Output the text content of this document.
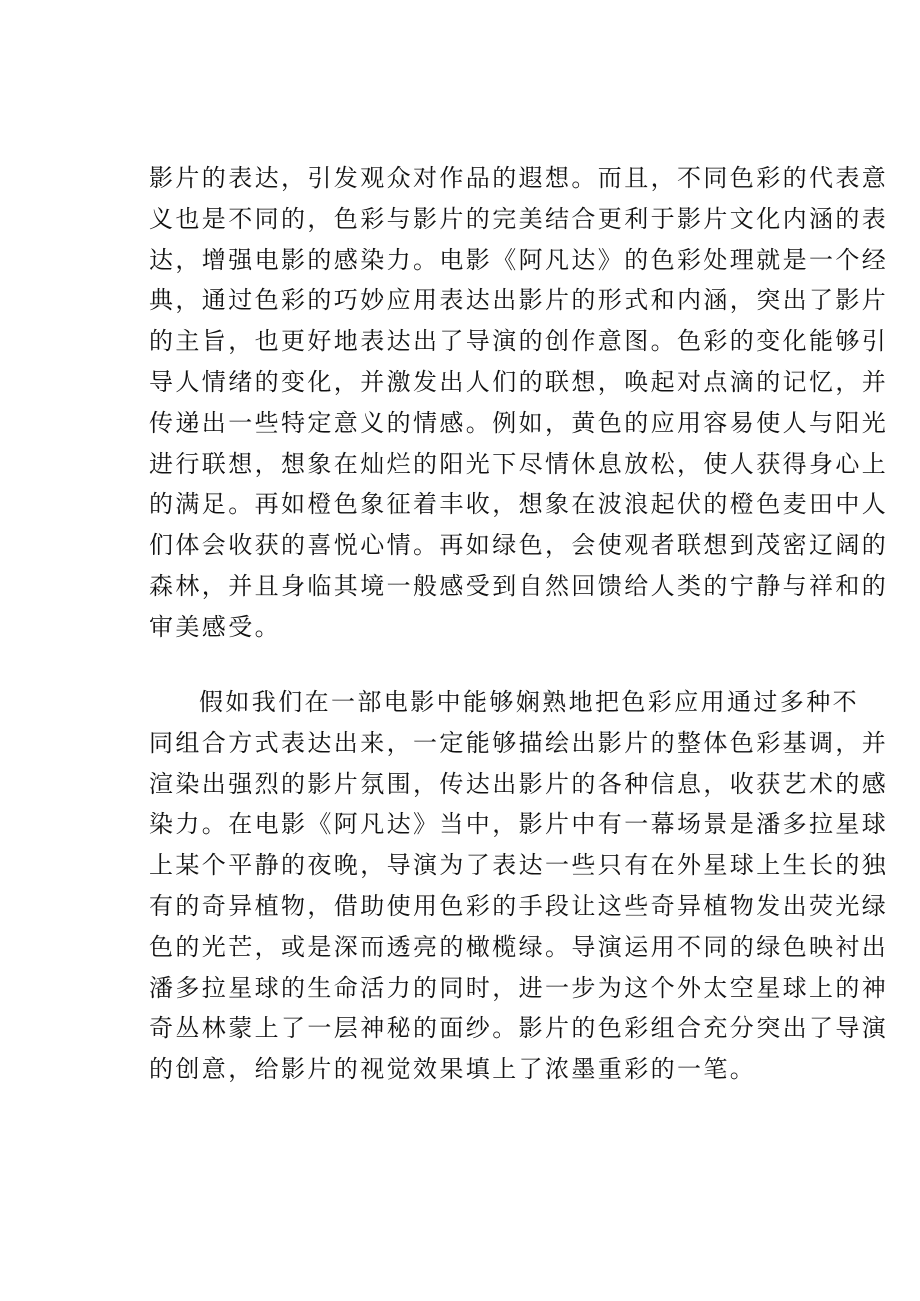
影片的表达，引发观众对作品的遐想。而且，不同色彩的代表意
义也是不同的，色彩与影片的完美结合更利于影片文化内涵的表
达，增强电影的感染力。电影《阿凡达》的色彩处理就是一个经
典，通过色彩的巧妙应用表达出影片的形式和内涵，突出了影片
的主旨，也更好地表达出了导演的创作意图。色彩的变化能够引
导人情绪的变化，并激发出人们的联想，唤起对点滴的记忆，并
传递出一些特定意义的情感。例如，黄色的应用容易使人与阳光
进行联想，想象在灿烂的阳光下尽情休息放松，使人获得身心上
的满足。再如橙色象征着丰收，想象在波浪起伏的橙色麦田中人
们体会收获的喜悦心情。再如绿色，会使观者联想到茂密辽阔的
森林，并且身临其境一般感受到自然回馈给人类的宁静与祥和的
审美感受。
假如我们在一部电影中能够娴熟地把色彩应用通过多种不
同组合方式表达出来，一定能够描绘出影片的整体色彩基调，并
渲染出强烈的影片氛围，传达出影片的各种信息，收获艺术的感
染力。在电影《阿凡达》当中，影片中有一幕场景是潘多拉星球
上某个平静的夜晚，导演为了表达一些只有在外星球上生长的独
有的奇异植物，借助使用色彩的手段让这些奇异植物发出荧光绿
色的光芒，或是深而透亮的橄榄绿。导演运用不同的绿色映衬出
潘多拉星球的生命活力的同时，进一步为这个外太空星球上的神
奇丛林蒙上了一层神秘的面纱。影片的色彩组合充分突出了导演
的创意，给影片的视觉效果填上了浓墨重彩的一笔。
